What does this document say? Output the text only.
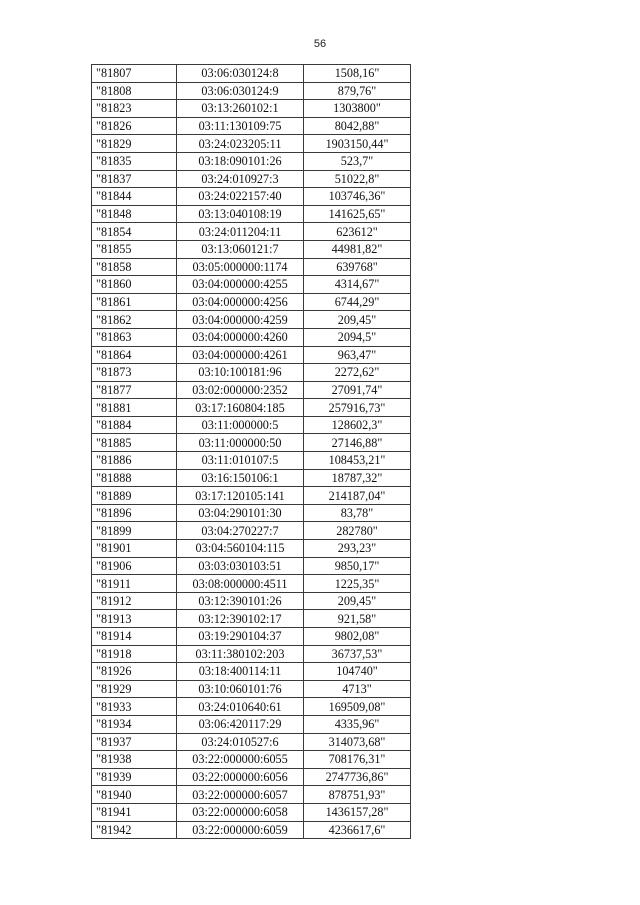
56
"81807	03:06:030124:8	1508,16"
"81808	03:06:030124:9	879,76"
"81823	03:13:260102:1	1303800"
"81826	03:11:130109:75	8042,88"
"81829	03:24:023205:11	1903150,44"
"81835	03:18:090101:26	523,7"
"81837	03:24:010927:3	51022,8"
"81844	03:24:022157:40	103746,36"
"81848	03:13:040108:19	141625,65"
"81854	03:24:011204:11	623612"
"81855	03:13:060121:7	44981,82"
"81858	03:05:000000:1174	639768"
"81860	03:04:000000:4255	4314,67"
"81861	03:04:000000:4256	6744,29"
"81862	03:04:000000:4259	209,45"
"81863	03:04:000000:4260	2094,5"
"81864	03:04:000000:4261	963,47"
"81873	03:10:100181:96	2272,62"
"81877	03:02:000000:2352	27091,74"
"81881	03:17:160804:185	257916,73"
"81884	03:11:000000:5	128602,3"
"81885	03:11:000000:50	27146,88"
"81886	03:11:010107:5	108453,21"
"81888	03:16:150106:1	18787,32"
"81889	03:17:120105:141	214187,04"
"81896	03:04:290101:30	83,78"
"81899	03:04:270227:7	282780"
"81901	03:04:560104:115	293,23"
"81906	03:03:030103:51	9850,17"
"81911	03:08:000000:4511	1225,35"
"81912	03:12:390101:26	209,45"
"81913	03:12:390102:17	921,58"
"81914	03:19:290104:37	9802,08"
"81918	03:11:380102:203	36737,53"
"81926	03:18:400114:11	104740"
"81929	03:10:060101:76	4713"
"81933	03:24:010640:61	169509,08"
"81934	03:06:420117:29	4335,96"
"81937	03:24:010527:6	314073,68"
"81938	03:22:000000:6055	708176,31"
"81939	03:22:000000:6056	2747736,86"
"81940	03:22:000000:6057	878751,93"
"81941	03:22:000000:6058	1436157,28"
"81942	03:22:000000:6059	4236617,6"
